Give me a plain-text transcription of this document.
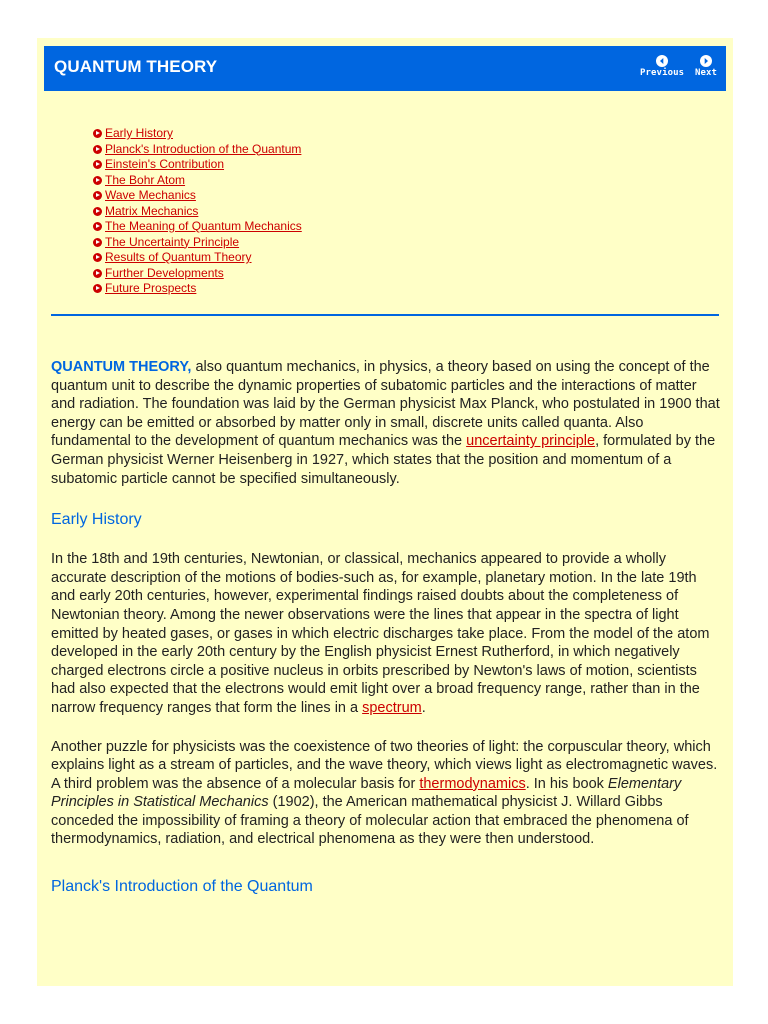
QUANTUM THEORY	Previous	Next
Early History
Planck's Introduction of the Quantum
Einstein's Contribution
The Bohr Atom
Wave Mechanics
Matrix Mechanics
The Meaning of Quantum Mechanics
The Uncertainty Principle
Results of Quantum Theory
Further Developments
Future Prospects

QUANTUM THEORY, also quantum mechanics, in physics, a theory based on using the concept of the quantum unit to describe the dynamic properties of subatomic particles and the interactions of matter and radiation. The foundation was laid by the German physicist Max Planck, who postulated in 1900 that energy can be emitted or absorbed by matter only in small, discrete units called quanta. Also fundamental to the development of quantum mechanics was the uncertainty principle, formulated by the German physicist Werner Heisenberg in 1927, which states that the position and momentum of a subatomic particle cannot be specified simultaneously.

Early History

In the 18th and 19th centuries, Newtonian, or classical, mechanics appeared to provide a wholly accurate description of the motions of bodies-such as, for example, planetary motion. In the late 19th and early 20th centuries, however, experimental findings raised doubts about the completeness of Newtonian theory. Among the newer observations were the lines that appear in the spectra of light emitted by heated gases, or gases in which electric discharges take place. From the model of the atom developed in the early 20th century by the English physicist Ernest Rutherford, in which negatively charged electrons circle a positive nucleus in orbits prescribed by Newton's laws of motion, scientists had also expected that the electrons would emit light over a broad frequency range, rather than in the narrow frequency ranges that form the lines in a spectrum.

Another puzzle for physicists was the coexistence of two theories of light: the corpuscular theory, which explains light as a stream of particles, and the wave theory, which views light as electromagnetic waves. A third problem was the absence of a molecular basis for thermodynamics. In his book Elementary Principles in Statistical Mechanics (1902), the American mathematical physicist J. Willard Gibbs conceded the impossibility of framing a theory of molecular action that embraced the phenomena of thermodynamics, radiation, and electrical phenomena as they were then understood.

Planck's Introduction of the Quantum
